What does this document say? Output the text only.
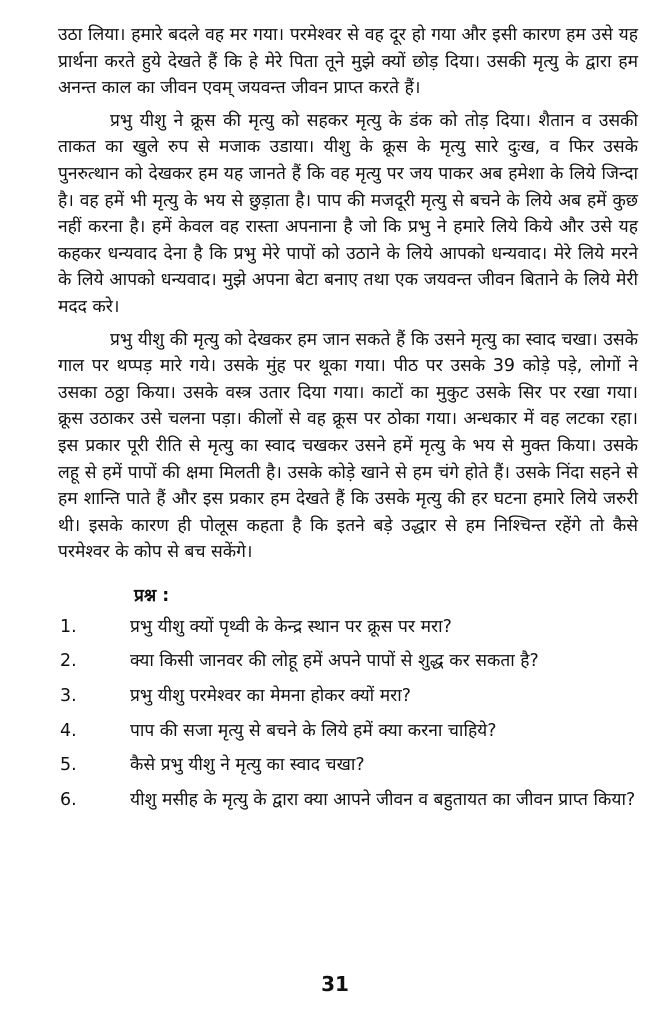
उठा लिया। हमारे बदले वह मर गया। परमेश्वर से वह दूर हो गया और इसी कारण हम उसे यह प्रार्थना करते हुये देखते हैं कि हे मेरे पिता तूने मुझे क्यों छोड़ दिया। उसकी मृत्यु के द्वारा हम अनन्त काल का जीवन एवम् जयवन्त जीवन प्राप्त करते हैं।

प्रभु यीशु ने क्रूस की मृत्यु को सहकर मृत्यु के डंक को तोड़ दिया। शैतान व उसकी ताकत का खुले रुप से मजाक उडाया। यीशु के क्रूस के मृत्यु सारे दुःख, व फिर उसके पुनरुत्थान को देखकर हम यह जानते हैं कि वह मृत्यु पर जय पाकर अब हमेशा के लिये जिन्दा है। वह हमें भी मृत्यु के भय से छुड़ाता है। पाप की मजदूरी मृत्यु से बचने के लिये अब हमें कुछ नहीं करना है। हमें केवल वह रास्ता अपनाना है जो कि प्रभु ने हमारे लिये किये और उसे यह कहकर धन्यवाद देना है कि प्रभु मेरे पापों को उठाने के लिये आपको धन्यवाद। मेरे लिये मरने के लिये आपको धन्यवाद। मुझे अपना बेटा बनाए तथा एक जयवन्त जीवन बिताने के लिये मेरी मदद करे।

प्रभु यीशु की मृत्यु को देखकर हम जान सकते हैं कि उसने मृत्यु का स्वाद चखा। उसके गाल पर थप्पड़ मारे गये। उसके मुंह पर थूका गया। पीठ पर उसके 39 कोड़े पड़े, लोगों ने उसका ठठ्ठा किया। उसके वस्त्र उतार दिया गया। काटों का मुकुट उसके सिर पर रखा गया। क्रूस उठाकर उसे चलना पड़ा। कीलों से वह क्रूस पर ठोका गया। अन्धकार में वह लटका रहा। इस प्रकार पूरी रीति से मृत्यु का स्वाद चखकर उसने हमें मृत्यु के भय से मुक्त किया। उसके लहू से हमें पापों की क्षमा मिलती है। उसके कोड़े खाने से हम चंगे होते हैं। उसके निंदा सहने से हम शान्ति पाते हैं और इस प्रकार हम देखते हैं कि उसके मृत्यु की हर घटना हमारे लिये जरुरी थी। इसके कारण ही पोलूस कहता है कि इतने बड़े उद्धार से हम निश्चिन्त रहेंगे तो कैसे परमेश्वर के कोप से बच सकेंगे।

प्रश्न :
1.	प्रभु यीशु क्यों पृथ्वी के केन्द्र स्थान पर क्रूस पर मरा?
2.	क्या किसी जानवर की लोहू हमें अपने पापों से शुद्ध कर सकता है?
3.	प्रभु यीशु परमेश्वर का मेमना होकर क्यों मरा?
4.	पाप की सजा मृत्यु से बचने के लिये हमें क्या करना चाहिये?
5.	कैसे प्रभु यीशु ने मृत्यु का स्वाद चखा?
6.	यीशु मसीह के मृत्यु के द्वारा क्या आपने जीवन व बहुतायत का जीवन प्राप्त किया?
31
